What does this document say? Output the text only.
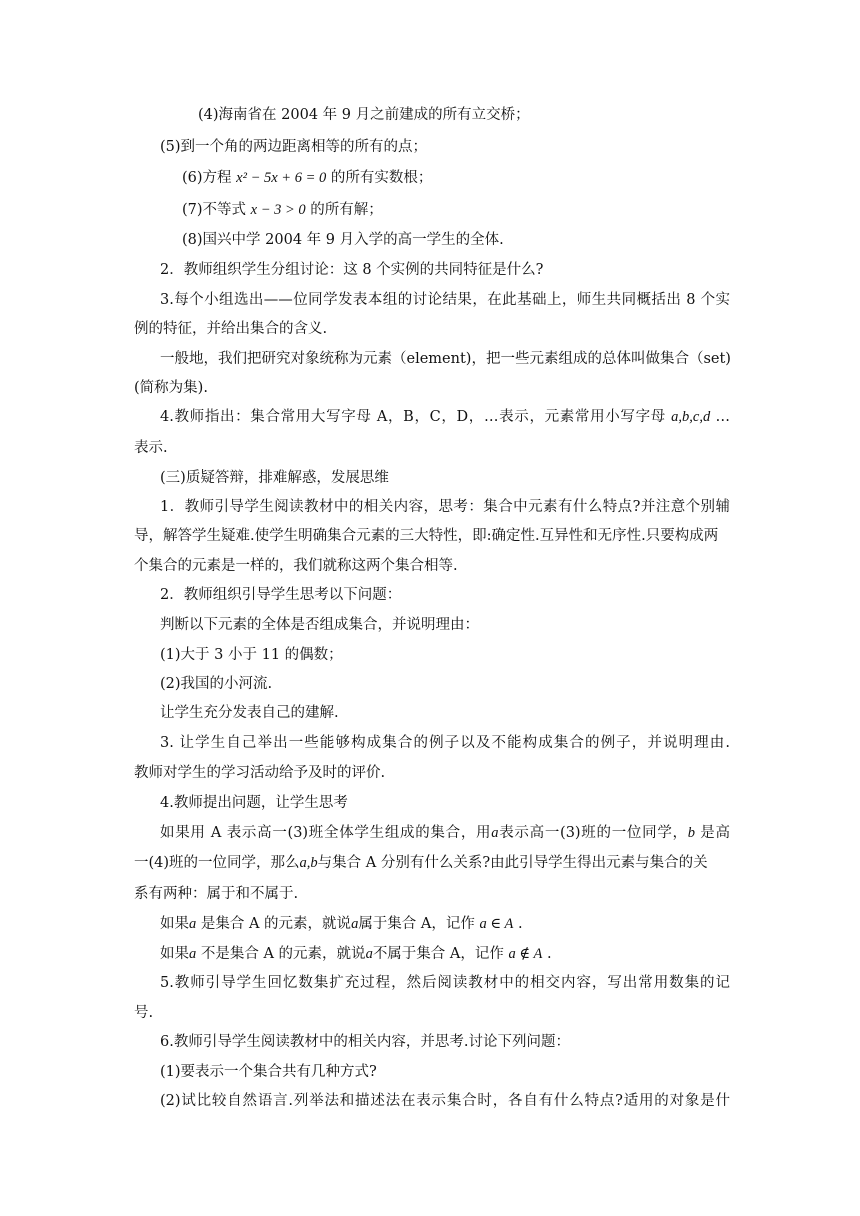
(4)海南省在 2004 年 9 月之前建成的所有立交桥；
(5)到一个角的两边距离相等的所有的点；
(6)方程 x² − 5x + 6 = 0 的所有实数根；
(7)不等式 x − 3 > 0 的所有解；
(8)国兴中学 2004 年 9 月入学的高一学生的全体.
2．教师组织学生分组讨论：这 8 个实例的共同特征是什么?
3.每个小组选出——位同学发表本组的讨论结果，在此基础上，师生共同概括出 8 个实
例的特征，并给出集合的含义.
一般地，我们把研究对象统称为元素（element)，把一些元素组成的总体叫做集合（set)
(简称为集).
4.教师指出：集合常用大写字母 A，B，C，D，…表示，元素常用小写字母 a,b,c,d …
表示.
(三)质疑答辩，排难解惑，发展思维
1．教师引导学生阅读教材中的相关内容，思考：集合中元素有什么特点?并注意个别辅
导，解答学生疑难.使学生明确集合元素的三大特性，即:确定性.互异性和无序性.只要构成两
个集合的元素是一样的，我们就称这两个集合相等.
2．教师组织引导学生思考以下问题：
判断以下元素的全体是否组成集合，并说明理由：
(1)大于 3 小于 11 的偶数；
(2)我国的小河流.
让学生充分发表自己的建解.
3. 让学生自己举出一些能够构成集合的例子以及不能构成集合的例子，并说明理由.
教师对学生的学习活动给予及时的评价.
4.教师提出问题，让学生思考
如果用 A 表示高一(3)班全体学生组成的集合，用a表示高一(3)班的一位同学，b 是高
一(4)班的一位同学，那么a,b与集合 A 分别有什么关系?由此引导学生得出元素与集合的关
系有两种：属于和不属于.
如果a 是集合 A 的元素，就说a属于集合 A，记作 a ∈ A .
如果a 不是集合 A 的元素，就说a不属于集合 A，记作 a ∉ A .
5.教师引导学生回忆数集扩充过程，然后阅读教材中的相交内容，写出常用数集的记
号.
6.教师引导学生阅读教材中的相关内容，并思考.讨论下列问题：
(1)要表示一个集合共有几种方式?
(2)试比较自然语言.列举法和描述法在表示集合时，各自有什么特点?适用的对象是什
